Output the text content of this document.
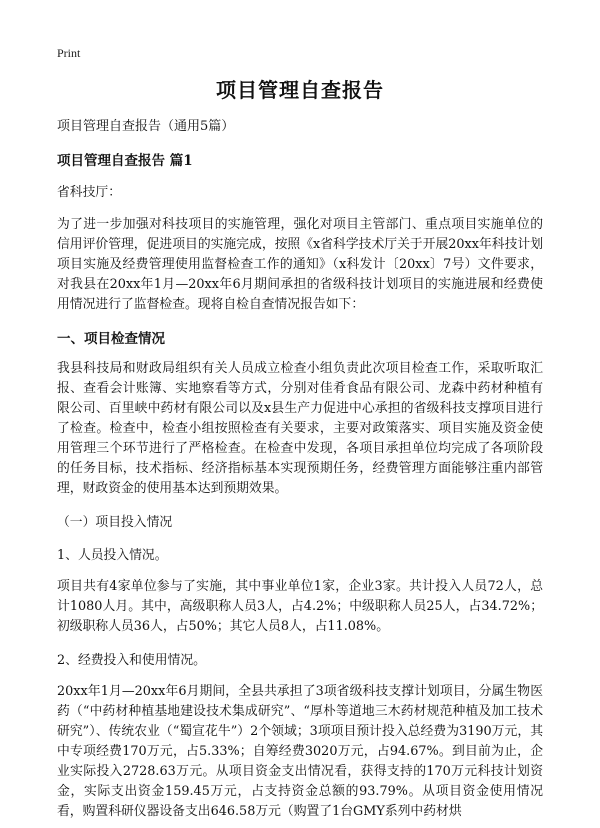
Print
项目管理自查报告
项目管理自查报告（通用5篇）
项目管理自查报告 篇1

省科技厅：

为了进一步加强对科技项目的实施管理，强化对项目主管部门、重点项目实施单位的信用评价管理，促进项目的实施完成，按照《x省科学技术厅关于开展20xx年科技计划项目实施及经费管理使用监督检查工作的通知》（x科发计〔20xx〕7号）文件要求，对我县在20xx年1月—20xx年6月期间承担的省级科技计划项目的实施进展和经费使用情况进行了监督检查。现将自检自查情况报告如下：

一、项目检查情况

我县科技局和财政局组织有关人员成立检查小组负责此次项目检查工作，采取听取汇报、查看会计账簿、实地察看等方式，分别对佳肴食品有限公司、龙森中药材种植有限公司、百里峡中药材有限公司以及x县生产力促进中心承担的省级科技支撑项目进行了检查。检查中，检查小组按照检查有关要求，主要对政策落实、项目实施及资金使用管理三个环节进行了严格检查。在检查中发现，各项目承担单位均完成了各项阶段的任务目标，技术指标、经济指标基本实现预期任务，经费管理方面能够注重内部管理，财政资金的使用基本达到预期效果。

（一）项目投入情况
1、人员投入情况。

项目共有4家单位参与了实施，其中事业单位1家，企业3家。共计投入人员72人，总计1080人月。其中，高级职称人员3人，占4.2%；中级职称人员25人，占34.72%；初级职称人员36人，占50%；其它人员8人，占11.08%。

2、经费投入和使用情况。

20xx年1月—20xx年6月期间，全县共承担了3项省级科技支撑计划项目，分属生物医药（“中药材种植基地建设技术集成研究”、“厚朴等道地三木药材规范种植及加工技术研究”）、传统农业（“蜀宣花牛”）2个领域；3项项目预计投入总经费为3190万元，其中专项经费170万元，占5.33%；自筹经费3020万元，占94.67%。到目前为止，企业实际投入2728.63万元。从项目资金支出情况看，获得支持的170万元科技计划资金，实际支出资金159.45万元，占支持资金总额的93.79%。从项目资金使用情况看，购置科研仪器设备支出646.58万元（购置了1台GMY系列中药材烘
